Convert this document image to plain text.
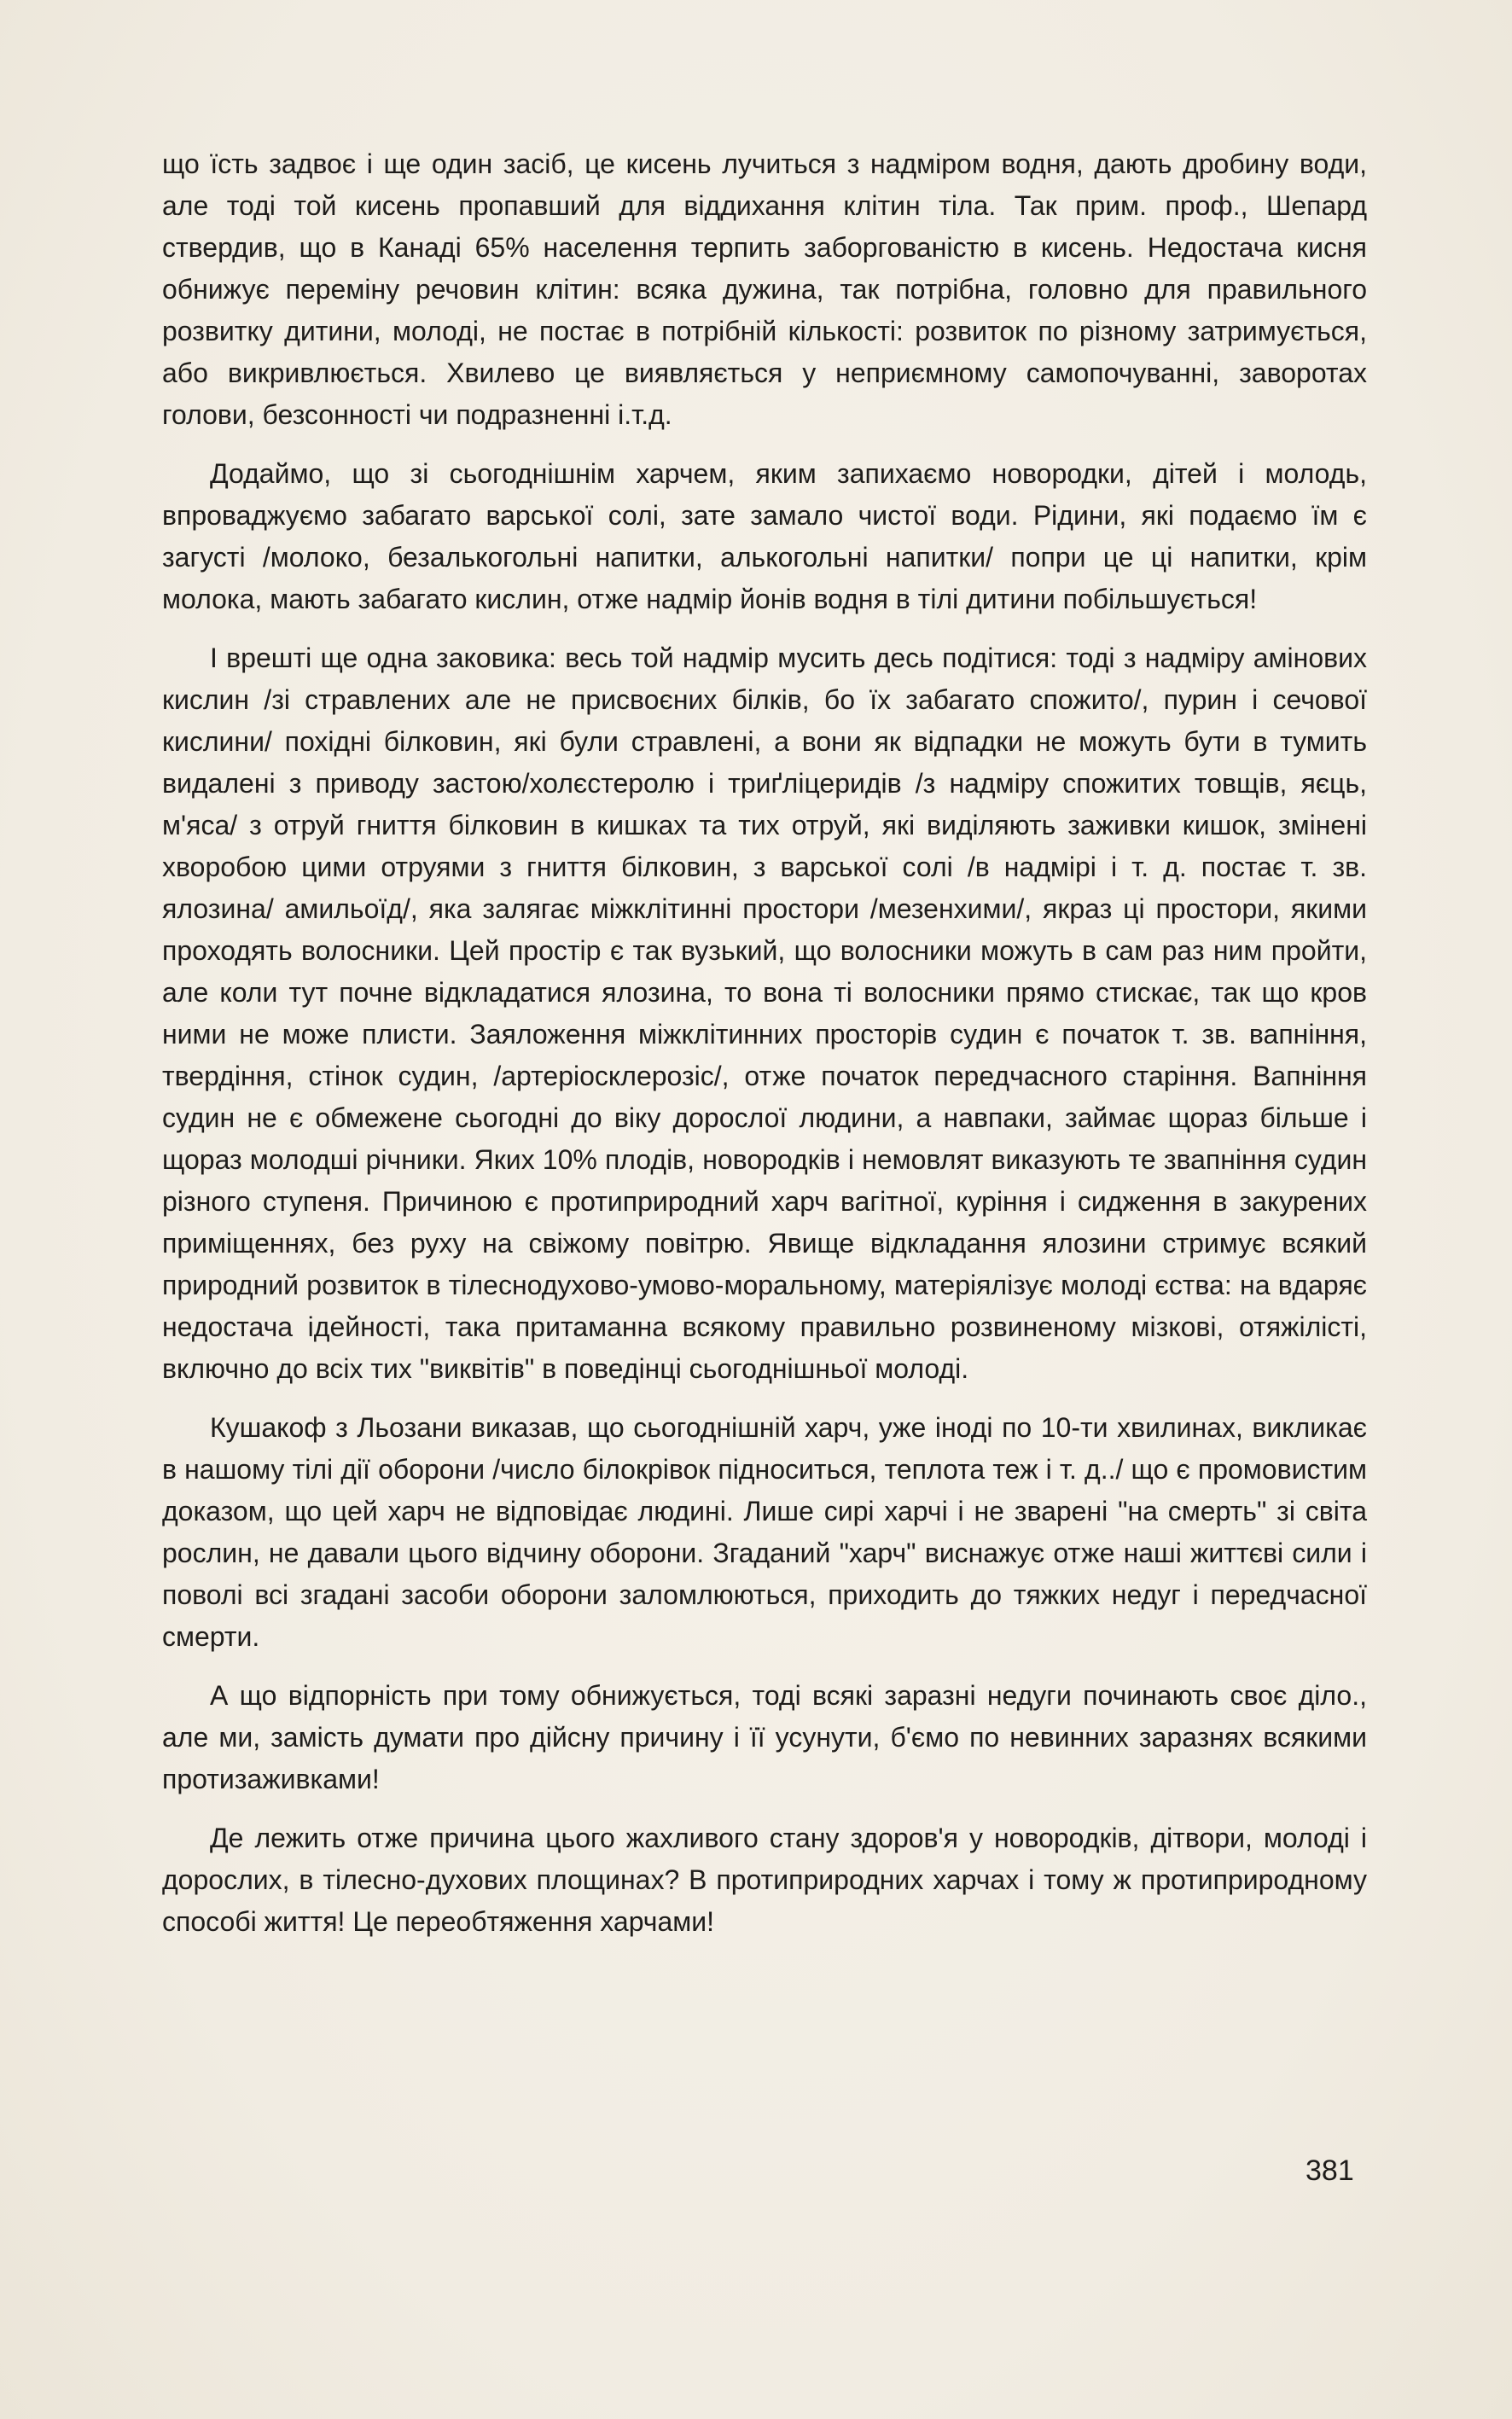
що їсть задвоє і ще один засіб, це кисень лучиться з надміром водня, дають дробину води, але тоді той кисень пропавший для віддихання клітин тіла. Так прим. проф., Шепард ствердив, що в Канаді 65% населення терпить заборгованістю в кисень. Недостача кисня обнижує переміну речовин клітин: всяка дужина, так потрібна, головно для правильного розвитку дитини, молоді, не постає в потрібній кількості: розвиток по різному затримується, або викривлюється. Хвилево це виявляється у неприємному самопочуванні, заворотах голови, безсонності чи подразненні і.т.д.

Додаймо, що зі сьогоднішнім харчем, яким запихаємо новородки, дітей і молодь, впроваджуємо забагато варської солі, зате замало чистої води. Рідини, які подаємо їм є загусті /молоко, безалькогольні напитки, алькогольні напитки/ попри це ці напитки, крім молока, мають забагато кислин, отже надмір йонів водня в тілі дитини побільшується!

І врешті ще одна заковика: весь той надмір мусить десь подітися: тоді з надміру амінових кислин /зі стравлених але не присвоєних білків, бо їх забагато спожито/, пурин і сечової кислини/ похідні білковин, які були стравлені, а вони як відпадки не можуть бути в тумить видалені з приводу застою/холєстеролю і триґліцеридів /з надміру спожитих товщів, яєць, м'яса/ з отруй гниття білковин в кишках та тих отруй, які виділяють заживки кишок, змінені хворобою цими отруями з гниття білковин, з варської солі /в надмірі і т. д. постає т. зв. ялозина/ амильоїд/, яка залягає міжклітинні простори /мезенхими/, якраз ці простори, якими проходять волосники. Цей простір є так вузький, що волосники можуть в сам раз ним пройти, але коли тут почне відкладатися ялозина, то вона ті волосники прямо стискає, так що кров ними не може плисти. Заяложення міжклітинних просторів судин є початок т. зв. вапніння, твердіння, стінок судин, /артеріосклерозіс/, отже початок передчасного старіння. Вапніння судин не є обмежене сьогодні до віку дорослої людини, а навпаки, займає щораз більше і щораз молодші річники. Яких 10% плодів, новородків і немовлят виказують те звапніння судин різного ступеня. Причиною є протиприродний харч вагітної, куріння і сидження в закурених приміщеннях, без руху на свіжому повітрю. Явище відкладання ялозини стримує всякий природний розвиток в тілеснодухово-умово-моральному, матеріялізує молоді єства: на вдаряє недостача ідейності, така притаманна всякому правильно розвиненому мізкові, отяжілісті, включно до всіх тих "виквітів" в поведінці сьогоднішньої молоді.

Кушакоф з Льозани виказав, що сьогоднішній харч, уже іноді по 10-ти хвилинах, викликає в нашому тілі дії оборони /число білокрівок підноситься, теплота теж і т. д../ що є промовистим доказом, що цей харч не відповідає людині. Лише сирі харчі і не зварені "на смерть" зі світа рослин, не давали цього відчину оборони. Згаданий "харч" виснажує отже наші життєві сили і поволі всі згадані засоби оборони заломлюються, приходить до тяжких недуг і передчасної смерти.

А що відпорність при тому обнижується, тоді всякі заразні недуги починають своє діло., але ми, замість думати про дійсну причину і її усунути, б'ємо по невинних заразнях всякими протизаживками!

Де лежить отже причина цього жахливого стану здоров'я у новородків, дітвори, молоді і дорослих, в тілесно-духових площинах? В протиприродних харчах і тому ж протиприродному способі життя! Це переобтяження харчами!

381
